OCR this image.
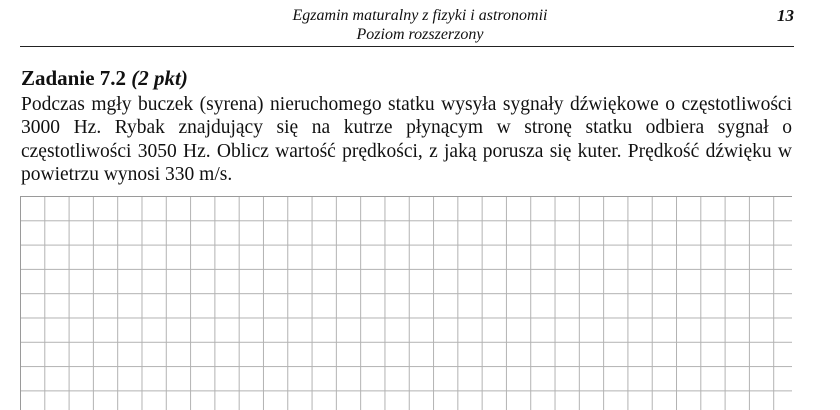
Egzamin maturalny z fizyki i astronomii
Poziom rozszerzony
13
Zadanie 7.2 (2 pkt)

Podczas mgły buczek (syrena) nieruchomego statku wysyła sygnały dźwiękowe o częstotliwości 3000 Hz. Rybak znajdujący się na kutrze płynącym w stronę statku odbiera sygnał o częstotliwości 3050 Hz. Oblicz wartość prędkości, z jaką porusza się kuter. Prędkość dźwięku w powietrzu wynosi 330 m/s.
